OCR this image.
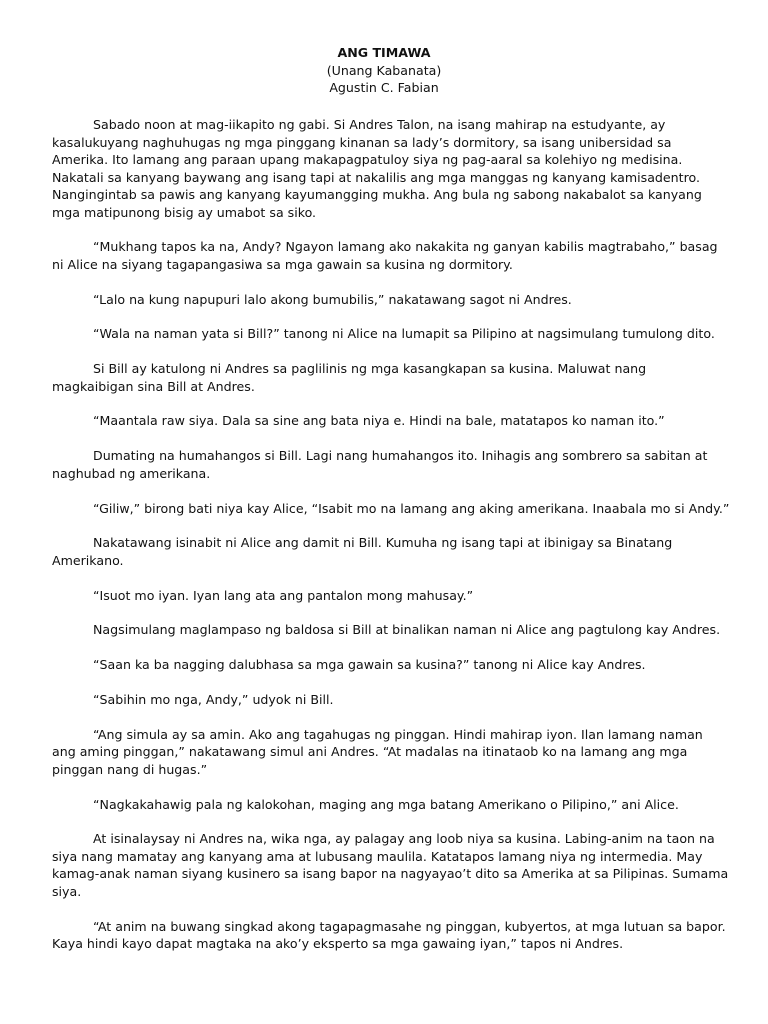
ANG TIMAWA
(Unang Kabanata)
Agustin C. Fabian

Sabado noon at mag-iikapito ng gabi. Si Andres Talon, na isang mahirap na estudyante, ay kasalukuyang naghuhugas ng mga pinggang kinanan sa lady’s dormitory, sa isang unibersidad sa Amerika. Ito lamang ang paraan upang makapagpatuloy siya ng pag-aaral sa kolehiyo ng medisina. Nakatali sa kanyang baywang ang isang tapi at nakalilis ang mga manggas ng kanyang kamisadentro. Nangingintab sa pawis ang kanyang kayumangging mukha. Ang bula ng sabong nakabalot sa kanyang mga matipunong bisig ay umabot sa siko.

“Mukhang tapos ka na, Andy? Ngayon lamang ako nakakita ng ganyan kabilis magtrabaho,” basag ni Alice na siyang tagapangasiwa sa mga gawain sa kusina ng dormitory.

“Lalo na kung napupuri lalo akong bumubilis,” nakatawang sagot ni Andres.

“Wala na naman yata si Bill?” tanong ni Alice na lumapit sa Pilipino at nagsimulang tumulong dito.

Si Bill ay katulong ni Andres sa paglilinis ng mga kasangkapan sa kusina. Maluwat nang magkaibigan sina Bill at Andres.

“Maantala raw siya. Dala sa sine ang bata niya e. Hindi na bale, matatapos ko naman ito.”

Dumating na humahangos si Bill. Lagi nang humahangos ito. Inihagis ang sombrero sa sabitan at naghubad ng amerikana.

“Giliw,” birong bati niya kay Alice, “Isabit mo na lamang ang aking amerikana. Inaabala mo si Andy.”

Nakatawang isinabit ni Alice ang damit ni Bill. Kumuha ng isang tapi at ibinigay sa Binatang Amerikano.

“Isuot mo iyan. Iyan lang ata ang pantalon mong mahusay.”

Nagsimulang maglampaso ng baldosa si Bill at binalikan naman ni Alice ang pagtulong kay Andres.

“Saan ka ba nagging dalubhasa sa mga gawain sa kusina?” tanong ni Alice kay Andres.

“Sabihin mo nga, Andy,” udyok ni Bill.

“Ang simula ay sa amin. Ako ang tagahugas ng pinggan. Hindi mahirap iyon. Ilan lamang naman ang aming pinggan,” nakatawang simul ani Andres. “At madalas na itinataob ko na lamang ang mga pinggan nang di hugas.”

“Nagkakahawig pala ng kalokohan, maging ang mga batang Amerikano o Pilipino,” ani Alice.

At isinalaysay ni Andres na, wika nga, ay palagay ang loob niya sa kusina. Labing-anim na taon na siya nang mamatay ang kanyang ama at lubusang maulila. Katatapos lamang niya ng intermedia. May kamag-anak naman siyang kusinero sa isang bapor na nagyayao’t dito sa Amerika at sa Pilipinas. Sumama siya.

“At anim na buwang singkad akong tagapagmasahe ng pinggan, kubyertos, at mga lutuan sa bapor. Kaya hindi kayo dapat magtaka na ako’y eksperto sa mga gawaing iyan,” tapos ni Andres.
